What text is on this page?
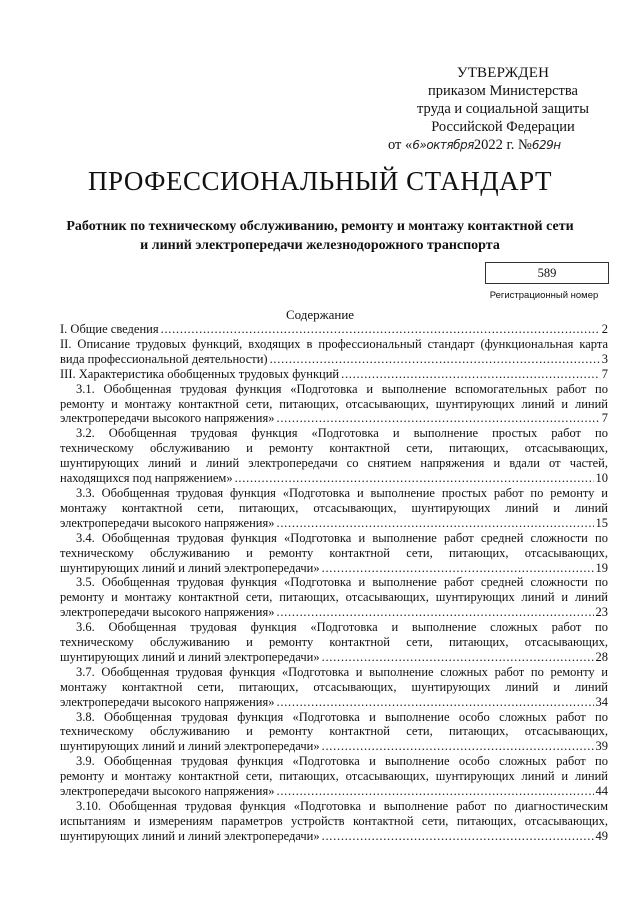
УТВЕРЖДЕН
приказом Министерства
труда и социальной защиты
Российской Федерации
от «6»октября2022 г. №629н
ПРОФЕССИОНАЛЬНЫЙ СТАНДАРТ
Работник по техническому обслуживанию, ремонту и монтажу контактной сети
и линий электропередачи железнодорожного транспорта
589
Регистрационный номер
Содержание
I. Общие сведения . . .	2
II. Описание трудовых функций, входящих в профессиональный стандарт (функциональная карта
вида профессиональной деятельности) . . .	3
III. Характеристика обобщенных трудовых функций . . .	7
3.1. Обобщенная трудовая функция «Подготовка и выполнение вспомогательных работ по
ремонту и монтажу контактной сети, питающих, отсасывающих, шунтирующих линий и линий
электропередачи высокого напряжения» . . .	7
3.2. Обобщенная трудовая функция «Подготовка и выполнение простых работ по
техническому обслуживанию и ремонту контактной сети, питающих, отсасывающих,
шунтирующих линий и линий электропередачи со снятием напряжения и вдали от частей,
находящихся под напряжением» . . .	10
3.3. Обобщенная трудовая функция «Подготовка и выполнение простых работ по ремонту и
монтажу контактной сети, питающих, отсасывающих, шунтирующих линий и линий
электропередачи высокого напряжения» . . .	15
3.4. Обобщенная трудовая функция «Подготовка и выполнение работ средней сложности по
техническому обслуживанию и ремонту контактной сети, питающих, отсасывающих,
шунтирующих линий и линий электропередачи» . . .	19
3.5. Обобщенная трудовая функция «Подготовка и выполнение работ средней сложности по
ремонту и монтажу контактной сети, питающих, отсасывающих, шунтирующих линий и линий
электропередачи высокого напряжения» . . .	23
3.6. Обобщенная трудовая функция «Подготовка и выполнение сложных работ по
техническому обслуживанию и ремонту контактной сети, питающих, отсасывающих,
шунтирующих линий и линий электропередачи» . . .	28
3.7. Обобщенная трудовая функция «Подготовка и выполнение сложных работ по ремонту и
монтажу контактной сети, питающих, отсасывающих, шунтирующих линий и линий
электропередачи высокого напряжения» . . .	34
3.8. Обобщенная трудовая функция «Подготовка и выполнение особо сложных работ по
техническому обслуживанию и ремонту контактной сети, питающих, отсасывающих,
шунтирующих линий и линий электропередачи» . . .	39
3.9. Обобщенная трудовая функция «Подготовка и выполнение особо сложных работ по
ремонту и монтажу контактной сети, питающих, отсасывающих, шунтирующих линий и линий
электропередачи высокого напряжения» . . .	44
3.10. Обобщенная трудовая функция «Подготовка и выполнение работ по диагностическим
испытаниям и измерениям параметров устройств контактной сети, питающих, отсасывающих,
шунтирующих линий и линий электропередачи» . . .	49
